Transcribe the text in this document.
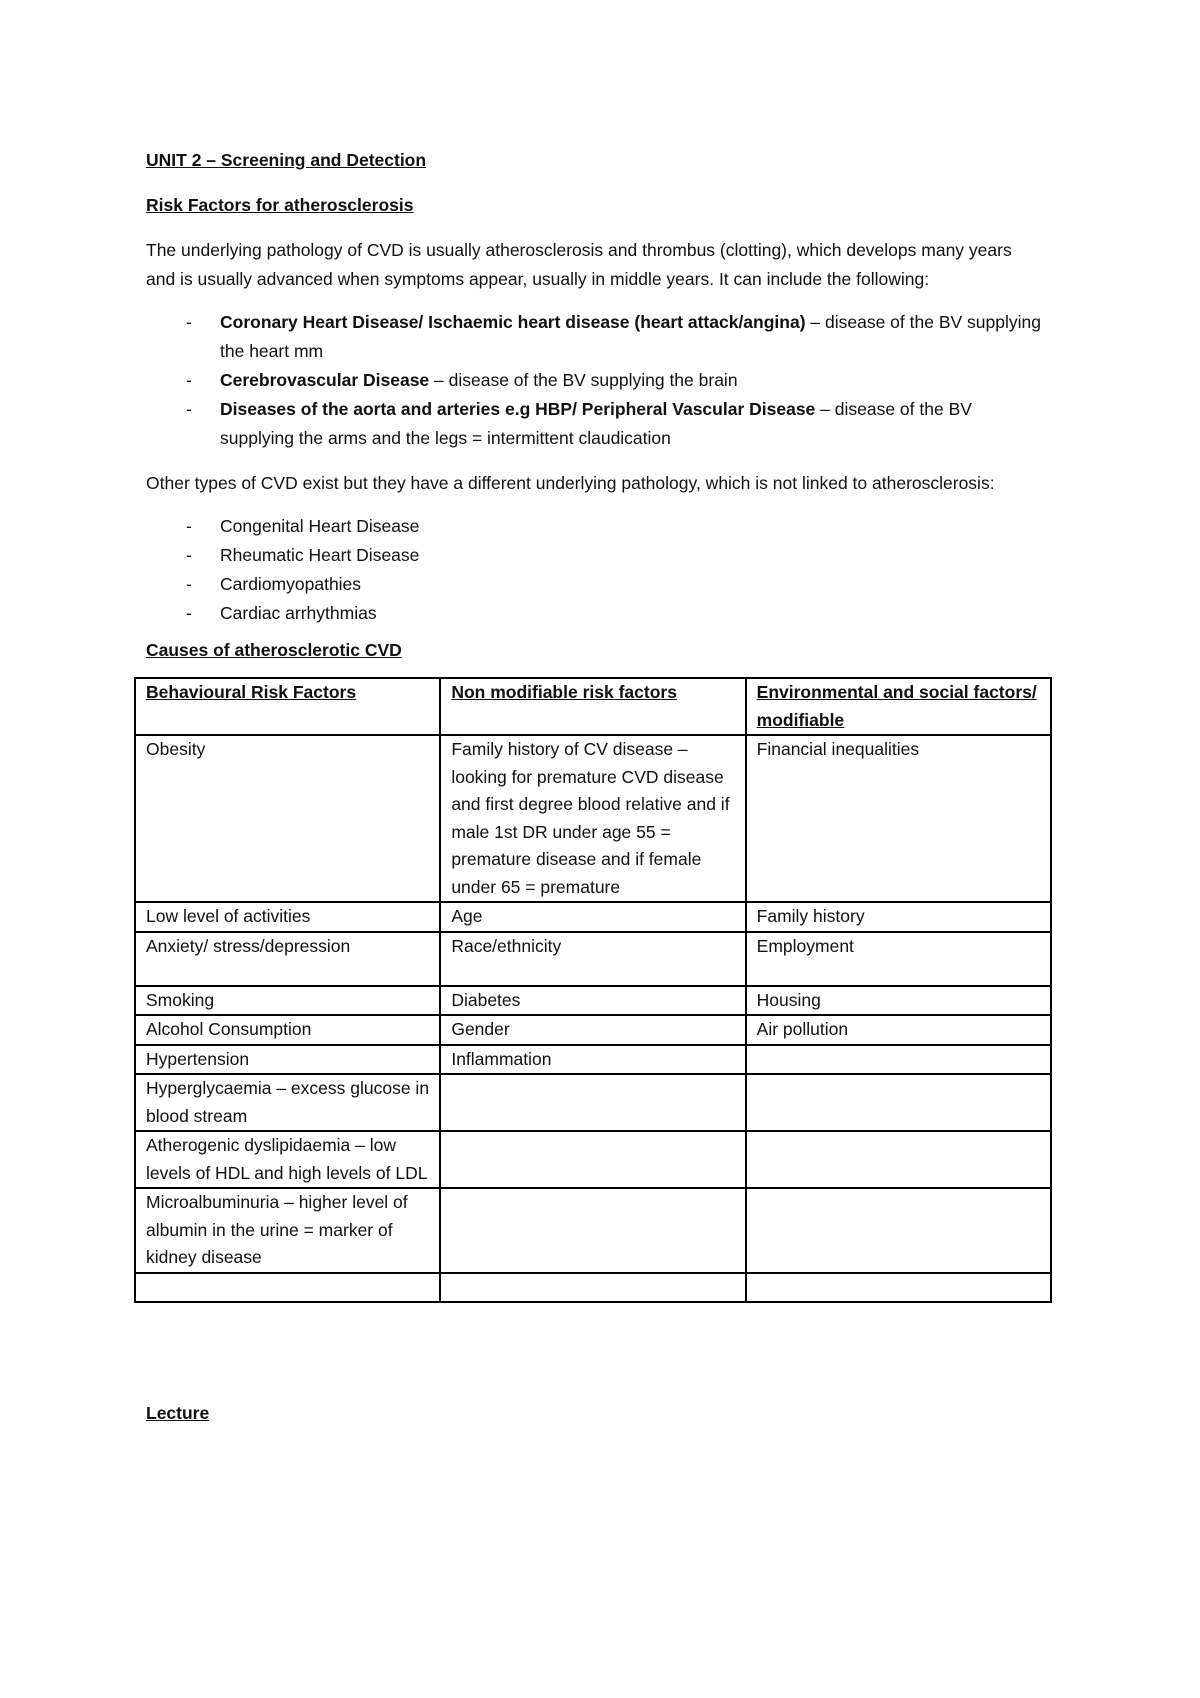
UNIT 2 – Screening and Detection
Risk Factors for atherosclerosis

The underlying pathology of CVD is usually atherosclerosis and thrombus (clotting), which develops many years and is usually advanced when symptoms appear, usually in middle years. It can include the following:

- Coronary Heart Disease/ Ischaemic heart disease (heart attack/angina) – disease of the BV supplying the heart mm
- Cerebrovascular Disease – disease of the BV supplying the brain
- Diseases of the aorta and arteries e.g HBP/ Peripheral Vascular Disease – disease of the BV supplying the arms and the legs = intermittent claudication

Other types of CVD exist but they have a different underlying pathology, which is not linked to atherosclerosis:

- Congenital Heart Disease
- Rheumatic Heart Disease
- Cardiomyopathies
- Cardiac arrhythmias
Causes of atherosclerotic CVD
Behavioural Risk Factors	Non modifiable risk factors	Environmental and social factors/ modifiable
Obesity	Family history of CV disease – looking for premature CVD disease and first degree blood relative and if male 1st DR under age 55 = premature disease and if female under 65 = premature	Financial inequalities
Low level of activities	Age	Family history
Anxiety/ stress/depression	Race/ethnicity	Employment
Smoking	Diabetes	Housing
Alcohol Consumption	Gender	Air pollution
Hypertension	Inflammation	
Hyperglycaemia – excess glucose in blood stream		
Atherogenic dyslipidaemia – low levels of HDL and high levels of LDL		
Microalbuminuria – higher level of albumin in the urine = marker of kidney disease		

Lecture
